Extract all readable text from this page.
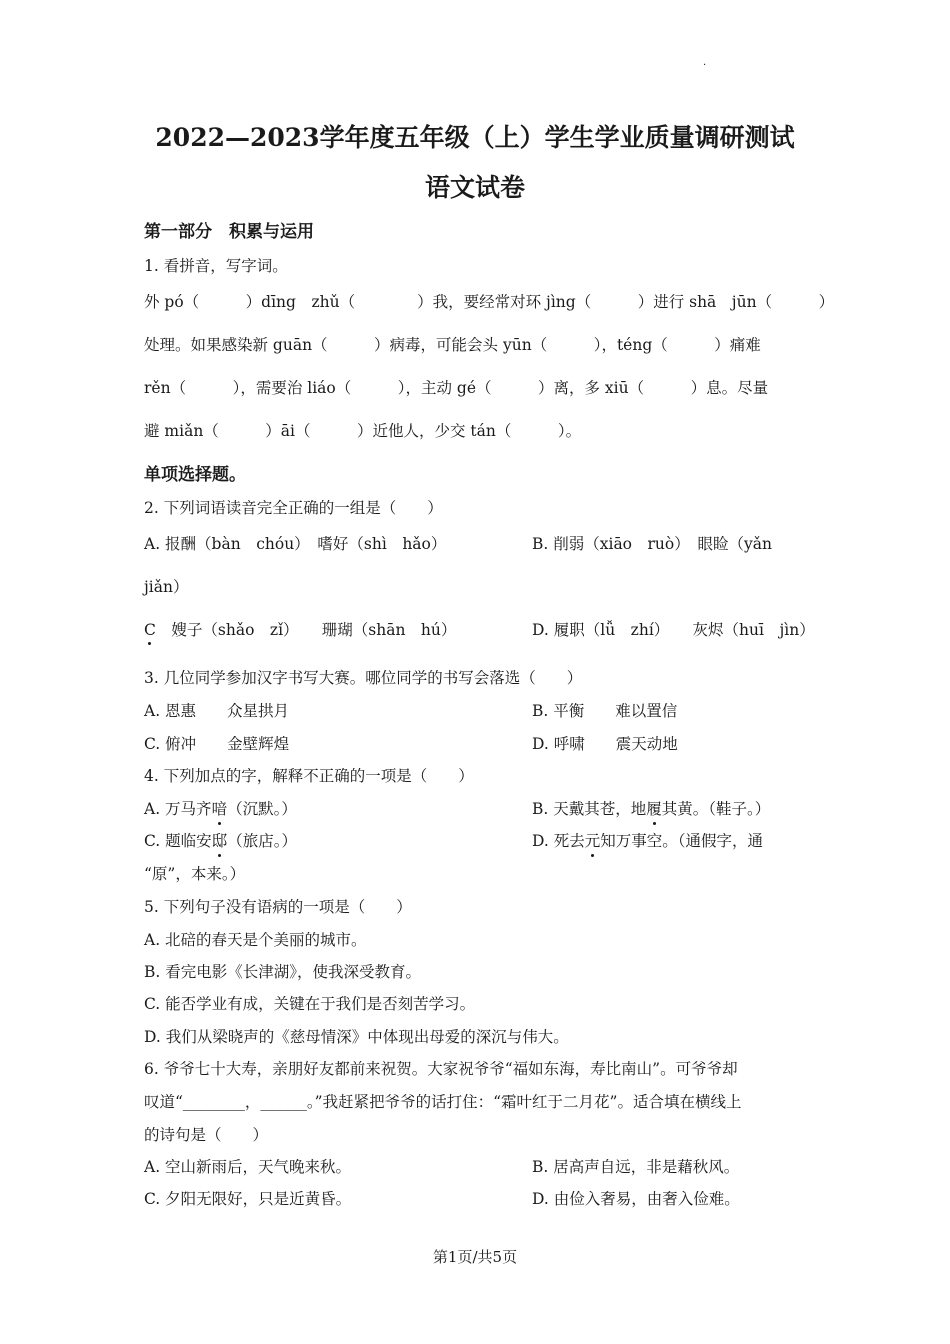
·
2022—2023学年度五年级（上）学生学业质量调研测试
语文试卷
第一部分　积累与运用
1. 看拼音，写字词。
外 pó（　　　）dīng　zhǔ（　　　　）我，要经常对环 jìng（　　　）进行 shā　jūn（　　　）
处理。如果感染新 guān（　　　）病毒，可能会头 yūn（　　　），téng（　　　）痛难
rěn（　　　），需要治 liáo（　　　），主动 gé（　　　）离，多 xiū（　　　）息。尽量
避 miǎn（　　　）āi（　　　）近他人，少交 tán（　　　）。
单项选择题。
2. 下列词语读音完全正确的一组是（　　）
A. 报酬（bàn　chóu）　嗜好（shì　hǎo）	B. 削弱（xiāo　ruò）　眼睑（yǎn
jiǎn）
C　 嫂子（shǎo　zǐ）　　珊瑚（shān　hú）	D. 履职（lǚ　zhí）　　灰烬（huī　jìn）
3. 几位同学参加汉字书写大赛。哪位同学的书写会落选（　　）
A. 恩惠　　众星拱月	B. 平衡　　难以置信
C. 俯冲　　金壁辉煌	D. 呼啸　　震天动地
4. 下列加点的字，解释不正确的一项是（　　）
A. 万马齐喑（沉默。）	B. 天戴其苍，地履其黄。（鞋子。）
C. 题临安邸（旅店。）	D. 死去元知万事空。（通假字，通
“原”，本来。）
5. 下列句子没有语病的一项是（　　）
A. 北碚的春天是个美丽的城市。
B. 看完电影《长津湖》，使我深受教育。
C. 能否学业有成，关键在于我们是否刻苦学习。
D. 我们从梁晓声的《慈母情深》中体现出母爱的深沉与伟大。
6. 爷爷七十大寿，亲朋好友都前来祝贺。大家祝爷爷“福如东海，寿比南山”。可爷爷却
叹道“________，______。”我赶紧把爷爷的话打住：“霜叶红于二月花”。适合填在横线上
的诗句是（　　）
A. 空山新雨后，天气晚来秋。	B. 居高声自远，非是藉秋风。
C. 夕阳无限好，只是近黄昏。	D. 由俭入奢易，由奢入俭难。
第1页/共5页
